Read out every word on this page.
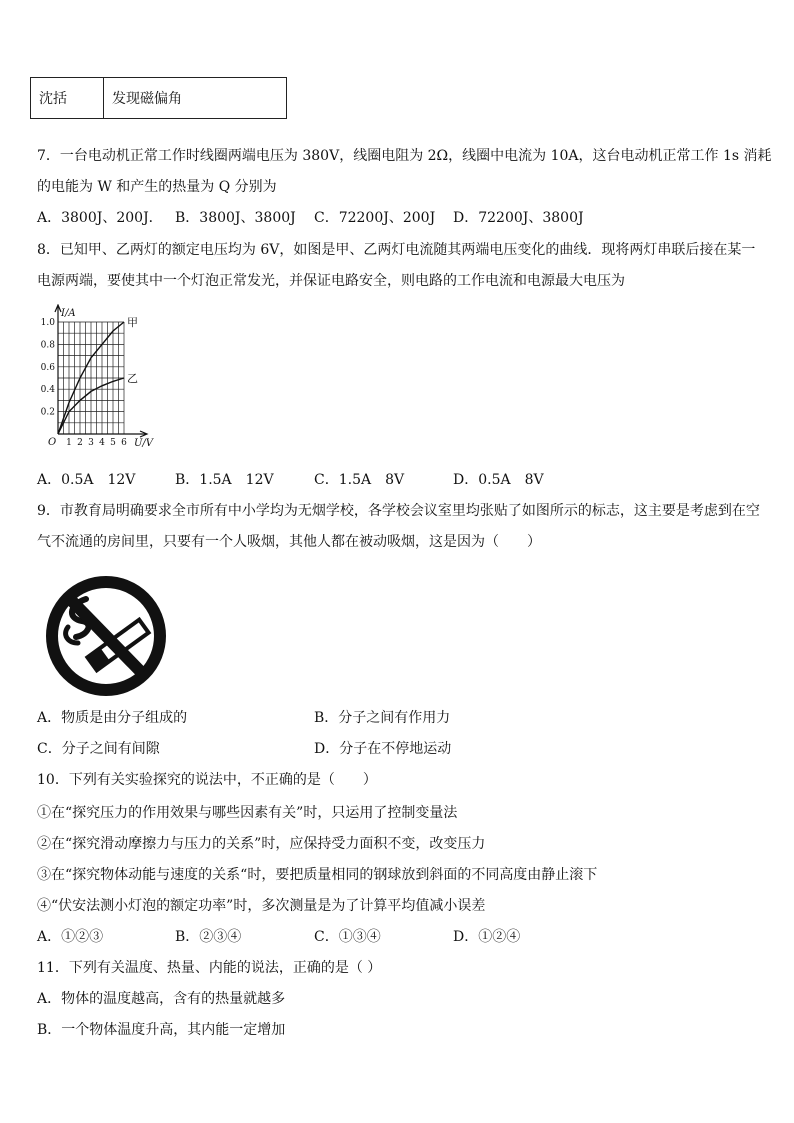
沈括	发现磁偏角
7．一台电动机正常工作时线圈两端电压为 380V，线圈电阻为 2Ω，线圈中电流为 10A，这台电动机正常工作 1s 消耗
的电能为 W 和产生的热量为 Q 分别为
A．3800J、200J． B．3800J、3800J C．72200J、200J D．72200J、3800J
8．已知甲、乙两灯的额定电压均为 6V，如图是甲、乙两灯电流随其两端电压变化的曲线．现将两灯串联后接在某一
电源两端，要使其中一个灯泡正常发光，并保证电路安全，则电路的工作电流和电源最大电压为
甲
乙
1 2 3 4 5 6
0.2
0.4
0.6
0.8
1.0
O
I/A
U/V
A．0.5A　12V	B．1.5A　12V	C．1.5A　8V	D．0.5A　8V
9．市教育局明确要求全市所有中小学均为无烟学校，各学校会议室里均张贴了如图所示的标志，这主要是考虑到在空
气不流通的房间里，只要有一个人吸烟，其他人都在被动吸烟，这是因为（　　）
A．物质是由分子组成的	B．分子之间有作用力
C．分子之间有间隙	D．分子在不停地运动
10．下列有关实验探究的说法中，不正确的是（　　）
①在“探究压力的作用效果与哪些因素有关”时，只运用了控制变量法
②在“探究滑动摩擦力与压力的关系”时，应保持受力面积不变，改变压力
③在“探究物体动能与速度的关系“时，要把质量相同的钢球放到斜面的不同高度由静止滚下
④“伏安法测小灯泡的额定功率”时，多次测量是为了计算平均值减小误差
A．①②③	B．②③④	C．①③④	D．①②④
11．下列有关温度、热量、内能的说法，正确的是（ ）
A．物体的温度越高，含有的热量就越多
B．一个物体温度升高，其内能一定增加
